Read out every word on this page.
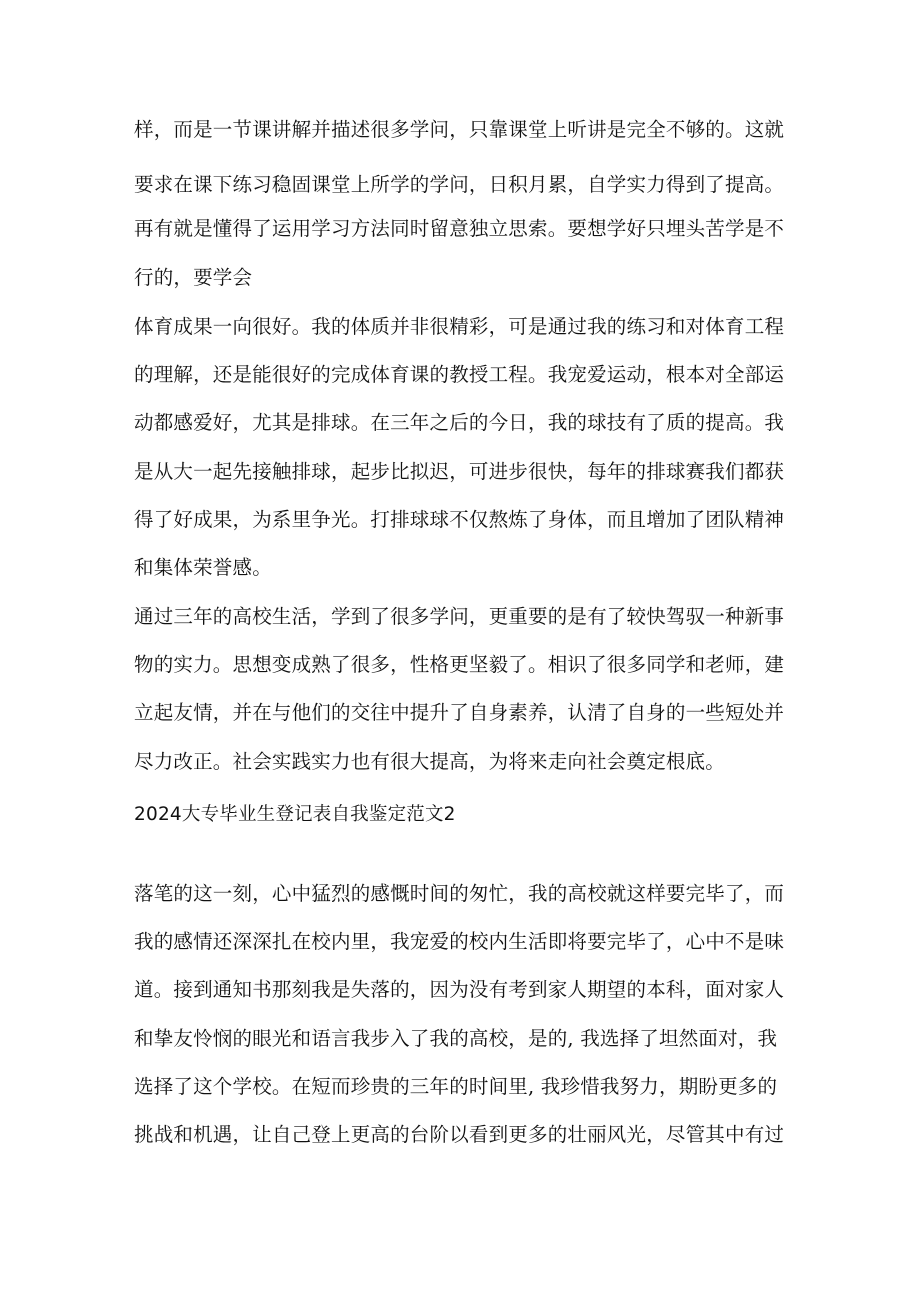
样，而是一节课讲解并描述很多学问，只靠课堂上听讲是完全不够的。这就
要求在课下练习稳固课堂上所学的学问，日积月累，自学实力得到了提高。
再有就是懂得了运用学习方法同时留意独立思索。要想学好只埋头苦学是不
行的，要学会
体育成果一向很好。我的体质并非很精彩，可是通过我的练习和对体育工程
的理解，还是能很好的完成体育课的教授工程。我宠爱运动，根本对全部运
动都感爱好，尤其是排球。在三年之后的今日，我的球技有了质的提高。我
是从大一起先接触排球，起步比拟迟，可进步很快，每年的排球赛我们都获
得了好成果，为系里争光。打排球球不仅熬炼了身体，而且增加了团队精神
和集体荣誉感。
通过三年的高校生活，学到了很多学问，更重要的是有了较快驾驭一种新事
物的实力。思想变成熟了很多，性格更坚毅了。相识了很多同学和老师，建
立起友情，并在与他们的交往中提升了自身素养，认清了自身的一些短处并
尽力改正。社会实践实力也有很大提高，为将来走向社会奠定根底。
2024大专毕业生登记表自我鉴定范文2
落笔的这一刻，心中猛烈的感慨时间的匆忙，我的高校就这样要完毕了，而
我的感情还深深扎在校内里，我宠爱的校内生活即将要完毕了，心中不是味
道。接到通知书那刻我是失落的，因为没有考到家人期望的本科，面对家人
和挚友怜悯的眼光和语言我步入了我的高校，是的, 我选择了坦然面对，我
选择了这个学校。在短而珍贵的三年的时间里, 我珍惜我努力，期盼更多的
挑战和机遇，让自己登上更高的台阶以看到更多的壮丽风光，尽管其中有过
